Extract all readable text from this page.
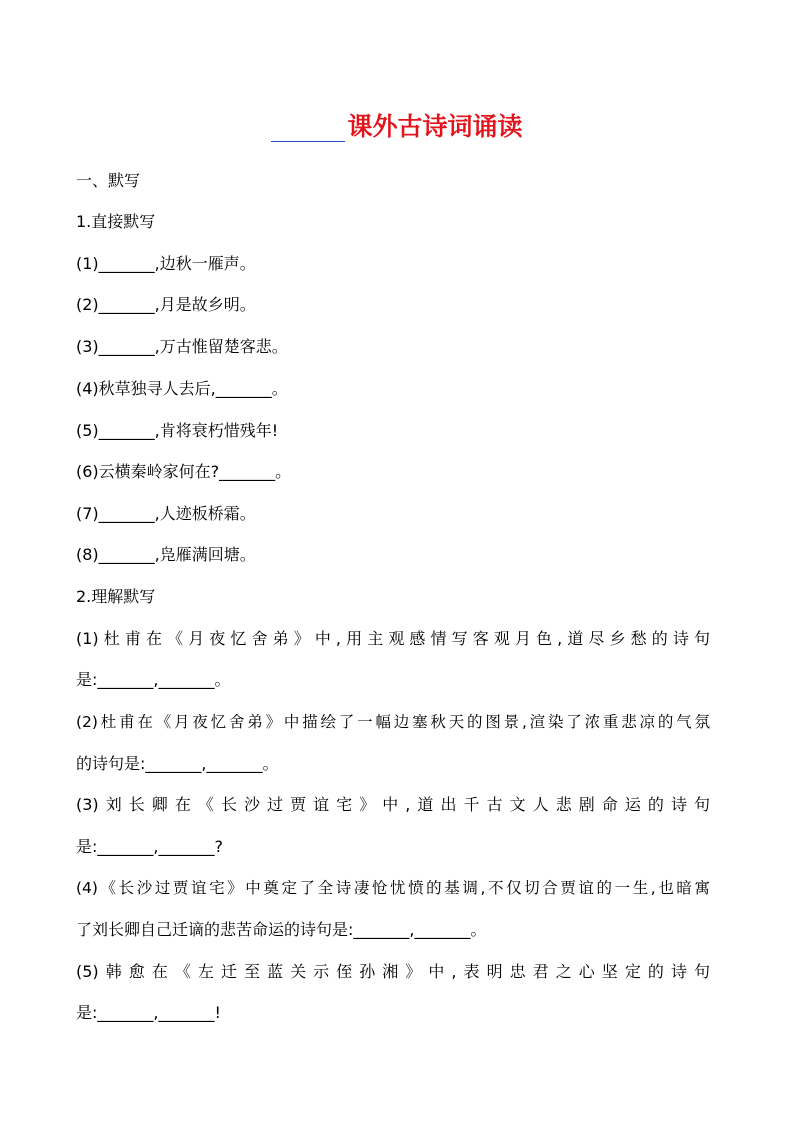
课外古诗词诵读
一、默写
1.直接默写
(1)_______,边秋一雁声。
(2)_______,月是故乡明。
(3)_______,万古惟留楚客悲。
(4)秋草独寻人去后,_______。
(5)_______,肯将衰朽惜残年!
(6)云横秦岭家何在?_______。
(7)_______,人迹板桥霜。
(8)_______,凫雁满回塘。
2.理解默写
(1)杜甫在《月夜忆舍弟》中,用主观感情写客观月色,道尽乡愁的诗句
是:_______,_______。
(2)杜甫在《月夜忆舍弟》中描绘了一幅边塞秋天的图景,渲染了浓重悲凉的气氛
的诗句是:_______,_______。
(3)刘长卿在《长沙过贾谊宅》中,道出千古文人悲剧命运的诗句
是:_______,_______?
(4)《长沙过贾谊宅》中奠定了全诗凄怆忧愤的基调,不仅切合贾谊的一生,也暗寓
了刘长卿自己迁谪的悲苦命运的诗句是:_______,_______。
(5)韩愈在《左迁至蓝关示侄孙湘》中,表明忠君之心坚定的诗句
是:_______,_______!
